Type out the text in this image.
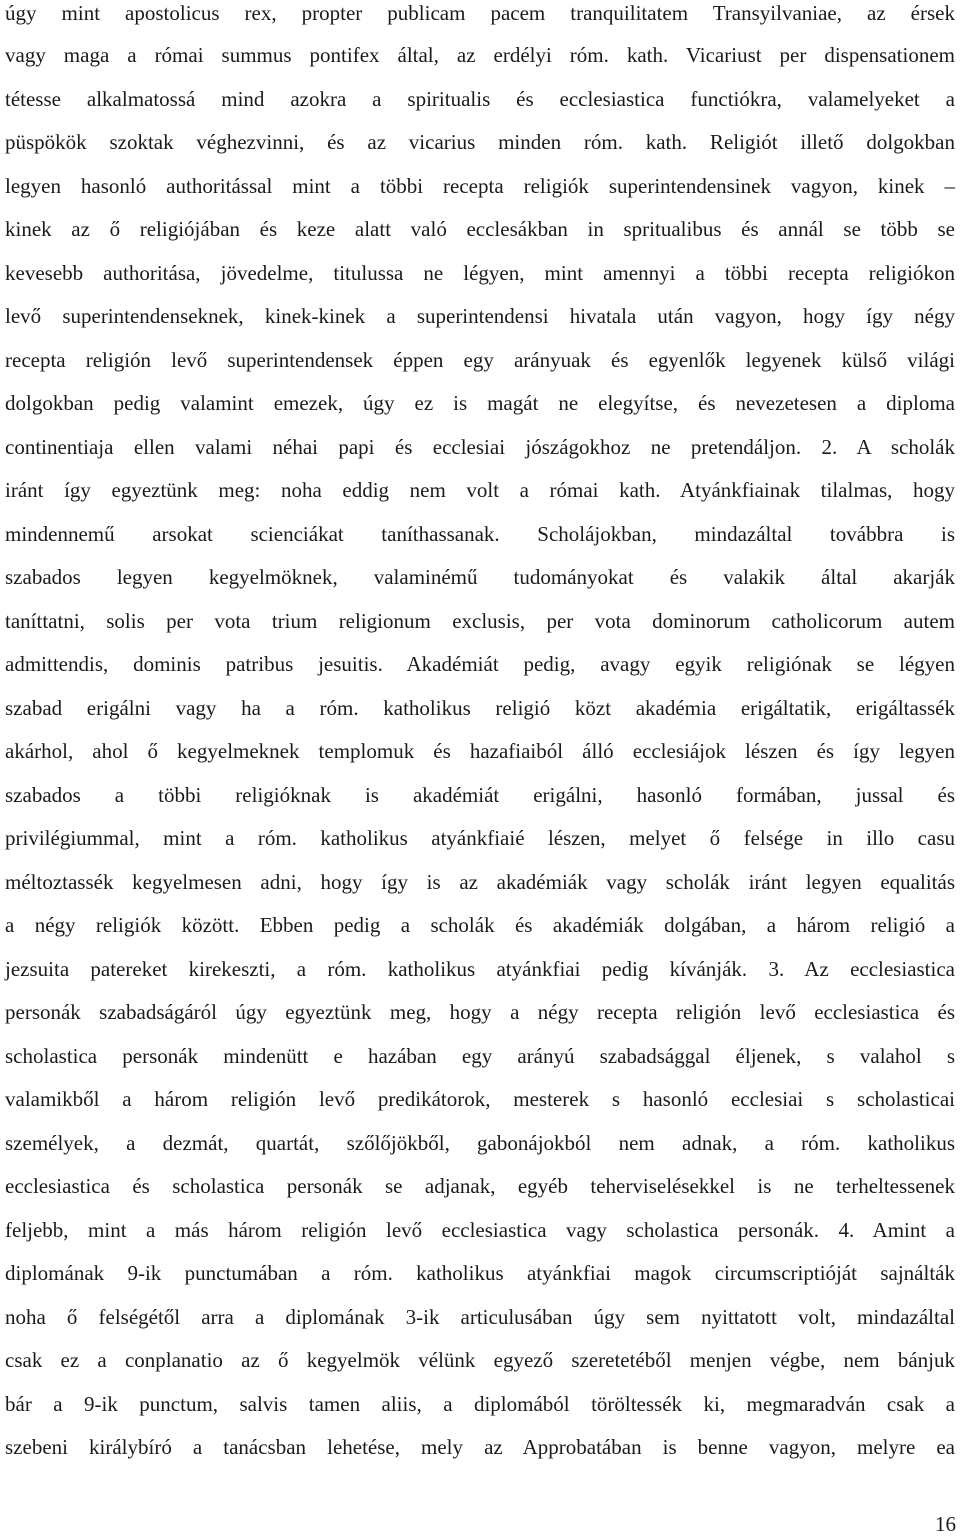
úgy mint apostolicus rex, propter publicam pacem tranquilitatem Transyilvaniae, az érsek
vagy maga a római summus pontifex által, az erdélyi róm. kath. Vicariust per dispensationem
tétesse alkalmatossá mind azokra a spiritualis és ecclesiastica functiókra, valamelyeket a
püspökök szoktak véghezvinni, és az vicarius minden róm. kath. Religiót illető dolgokban
legyen hasonló authoritással mint a többi recepta religiók superintendensinek vagyon, kinek –
kinek az ő religiójában és keze alatt való ecclesákban in spritualibus és annál se több se
kevesebb authoritása, jövedelme, titulussa ne légyen, mint amennyi a többi recepta religiókon
levő superintendenseknek, kinek-kinek a superintendensi hivatala után vagyon, hogy így négy
recepta religión levő superintendensek éppen egy arányuak és egyenlők legyenek külső világi
dolgokban pedig valamint emezek, úgy ez is magát ne elegyítse, és nevezetesen a diploma
continentiaja ellen valami néhai papi és ecclesiai jószágokhoz ne pretendáljon. 2. A scholák
iránt így egyeztünk meg: noha eddig nem volt a római kath. Atyánkfiainak tilalmas, hogy
mindennemű arsokat scienciákat taníthassanak. Scholájokban, mindazáltal továbbra is
szabados legyen kegyelmöknek, valaminémű tudományokat és valakik által akarják
taníttatni, solis per vota trium religionum exclusis, per vota dominorum catholicorum autem
admittendis, dominis patribus jesuitis. Akadémiát pedig, avagy egyik religiónak se légyen
szabad erigálni vagy ha a róm. katholikus religió közt akadémia erigáltatik, erigáltassék
akárhol, ahol ő kegyelmeknek templomuk és hazafiaiból álló ecclesiájok lészen és így legyen
szabados a többi religióknak is akadémiát erigálni, hasonló formában, jussal és
privilégiummal, mint a róm. katholikus atyánkfiaié lészen, melyet ő felsége in illo casu
méltoztassék kegyelmesen adni, hogy így is az akadémiák vagy scholák iránt legyen equalitás
a négy religiók között. Ebben pedig a scholák és akadémiák dolgában, a három religió a
jezsuita patereket kirekeszti, a róm. katholikus atyánkfiai pedig kívánják. 3. Az ecclesiastica
personák szabadságáról úgy egyeztünk meg, hogy a négy recepta religión levő ecclesiastica és
scholastica personák mindenütt e hazában egy arányú szabadsággal éljenek, s valahol s
valamikből a három religión levő predikátorok, mesterek s hasonló ecclesiai s scholasticai
személyek, a dezmát, quartát, szőlőjökből, gabonájokból nem adnak, a róm. katholikus
ecclesiastica és scholastica personák se adjanak, egyéb teherviselésekkel is ne terheltessenek
feljebb, mint a más három religión levő ecclesiastica vagy scholastica personák. 4. Amint a
diplomának 9-ik punctumában a róm. katholikus atyánkfiai magok circumscriptióját sajnálták
noha ő felségétől arra a diplomának 3-ik articulusában úgy sem nyittatott volt, mindazáltal
csak ez a conplanatio az ő kegyelmök vélünk egyező szeretetéből menjen végbe, nem bánjuk
bár a 9-ik punctum, salvis tamen aliis, a diplomából töröltessék ki, megmaradván csak a
szebeni királybíró a tanácsban lehetése, mely az Approbatában is benne vagyon, melyre ea
16
